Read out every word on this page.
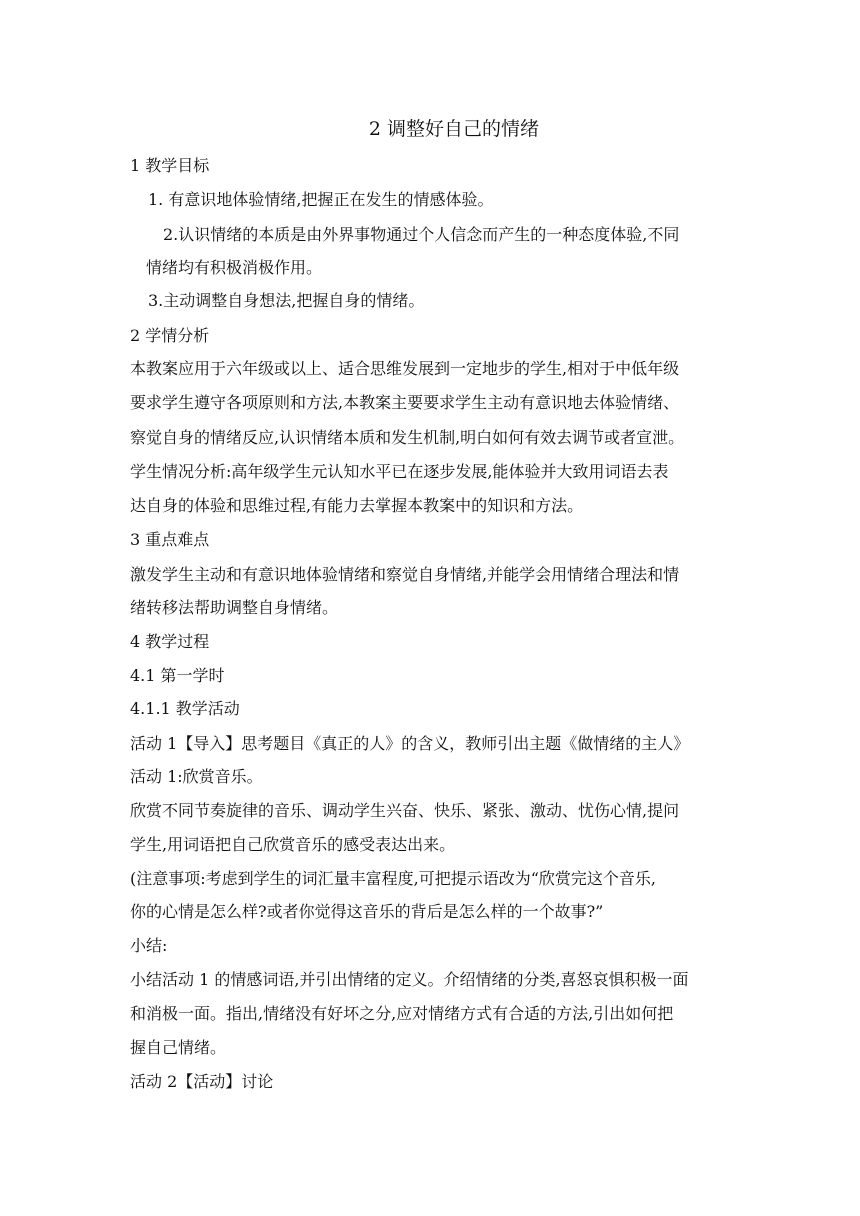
2 调整好自己的情绪
1 教学目标
1. 有意识地体验情绪,把握正在发生的情感体验。
2.认识情绪的本质是由外界事物通过个人信念而产生的一种态度体验,不同
情绪均有积极消极作用。
3.主动调整自身想法,把握自身的情绪。
2 学情分析
本教案应用于六年级或以上、适合思维发展到一定地步的学生,相对于中低年级
要求学生遵守各项原则和方法,本教案主要要求学生主动有意识地去体验情绪、
察觉自身的情绪反应,认识情绪本质和发生机制,明白如何有效去调节或者宣泄。
学生情况分析:高年级学生元认知水平已在逐步发展,能体验并大致用词语去表
达自身的体验和思维过程,有能力去掌握本教案中的知识和方法。
3 重点难点
激发学生主动和有意识地体验情绪和察觉自身情绪,并能学会用情绪合理法和情
绪转移法帮助调整自身情绪。
4 教学过程
4.1 第一学时
4.1.1 教学活动
活动 1【导入】思考题目《真正的人》的含义，教师引出主题《做情绪的主人》
活动 1:欣赏音乐。
欣赏不同节奏旋律的音乐、调动学生兴奋、快乐、紧张、激动、忧伤心情,提问
学生,用词语把自己欣赏音乐的感受表达出来。
(注意事项:考虑到学生的词汇量丰富程度,可把提示语改为“欣赏完这个音乐,
你的心情是怎么样?或者你觉得这音乐的背后是怎么样的一个故事?”
小结:
小结活动 1 的情感词语,并引出情绪的定义。介绍情绪的分类,喜怒哀惧积极一面
和消极一面。指出,情绪没有好坏之分,应对情绪方式有合适的方法,引出如何把
握自己情绪。
活动 2【活动】讨论
